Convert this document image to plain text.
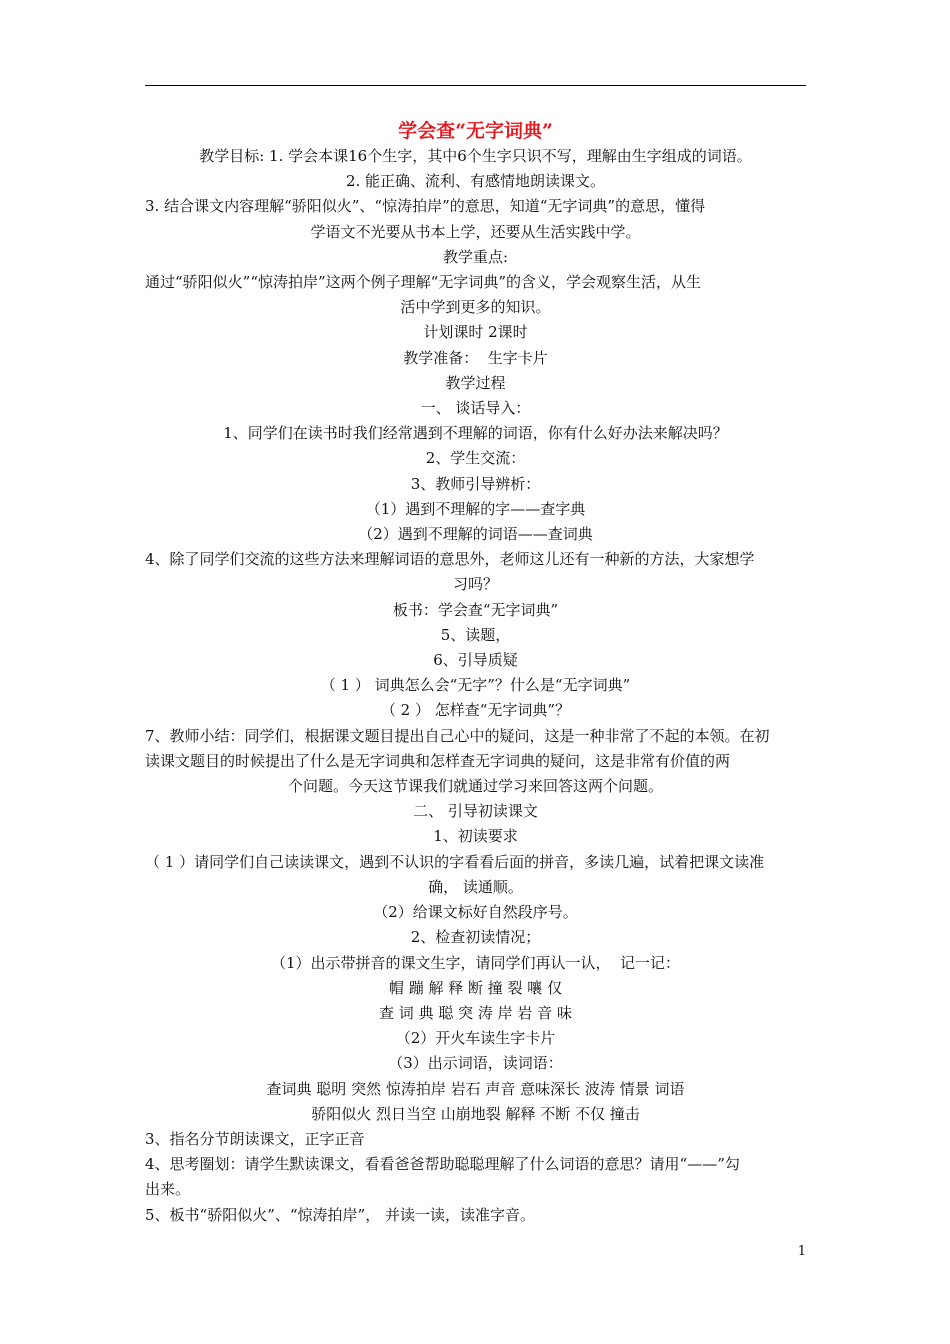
学会查“无字词典”

教学目标: 1. 学会本课16个生字，其中6个生字只识不写，理解由生字组成的词语。

2. 能正确、流利、有感情地朗读课文。

3. 结合课文内容理解“骄阳似火”、“惊涛拍岸”的意思，知道“无字词典”的意思，懂得

学语文不光要从书本上学，还要从生活实践中学。

教学重点:

通过“骄阳似火”“惊涛拍岸”这两个例子理解“无字词典”的含义，学会观察生活，从生

活中学到更多的知识。

计划课时 2课时

教学准备：  生字卡片

教学过程

一、 谈话导入：

1、同学们在读书时我们经常遇到不理解的词语，你有什么好办法来解决吗？

2、学生交流：

3、教师引导辨析：

（1）遇到不理解的字——查字典

（2）遇到不理解的词语——查词典

4、除了同学们交流的这些方法来理解词语的意思外，老师这儿还有一种新的方法，大家想学

习吗？

板书：学会查“无字词典”

5、读题，

6、引导质疑

（ 1 ） 词典怎么会“无字”？什么是“无字词典”

（ 2 ） 怎样查“无字词典”？

7、教师小结：同学们，根据课文题目提出自己心中的疑问，这是一种非常了不起的本领。在初

读课文题目的时候提出了什么是无字词典和怎样查无字词典的疑问，这是非常有价值的两

个问题。今天这节课我们就通过学习来回答这两个问题。

二、 引导初读课文

1、初读要求

（ 1 ）请同学们自己读读课文，遇到不认识的字看看后面的拼音，多读几遍，试着把课文读准

确， 读通顺。

（2）给课文标好自然段序号。

2、检查初读情况；

（1）出示带拼音的课文生字，请同学们再认一认，  记一记：

帽 蹦 解 释 断 撞 裂 嚷 仅

查 词 典 聪 突 涛 岸 岩 音 味

（2）开火车读生字卡片

（3）出示词语，读词语：

查词典 聪明 突然 惊涛拍岸 岩石 声音 意味深长 波涛 情景 词语

骄阳似火 烈日当空 山崩地裂 解释 不断 不仅 撞击

3、指名分节朗读课文，正字正音

4、思考圈划：请学生默读课文，看看爸爸帮助聪聪理解了什么词语的意思？请用“——”勾

出来。

5、板书“骄阳似火”、“惊涛拍岸”， 并读一读，读准字音。

1
